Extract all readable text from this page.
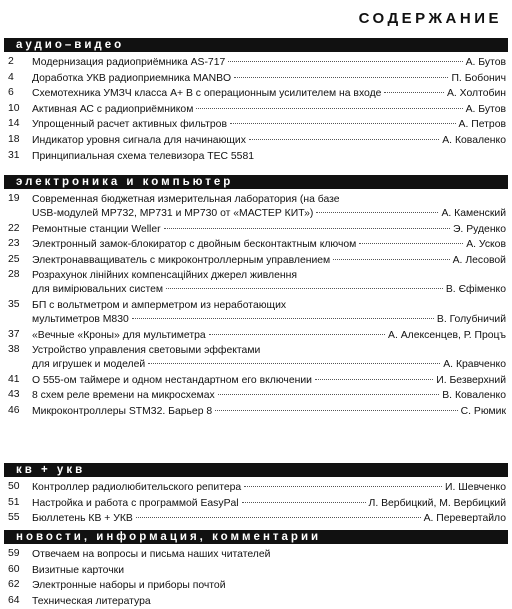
СОДЕРЖАНИЕ
аудио–видео
2 Модернизация радиоприёмника AS-717	А. Бутов
4 Доработка УКВ радиоприемника MANBO	П. Бобонич
6 Схемотехника УМЗЧ класса А+ В с операционным усилителем на входе	А. Холтобин
10 Активная АС с радиоприёмником	А. Бутов
14 Упрощенный расчет активных фильтров	А. Петров
18 Индикатор уровня сигнала для начинающих	А. Коваленко
31 Принципиальная схема телевизора TEC 5581
электроника и компьютер
19 Современная бюджетная измерительная лаборатория (на базе
USB-модулей MP732, MP731 и MP730 от «МАСТЕР КИТ»)	А. Каменский
22 Ремонтные станции Weller	Э. Руденко
23 Электронный замок-блокиратор с двойным бесконтактным ключом	А. Усков
25 Электронавващиватель с микроконтроллерным управлением	А. Лесовой
28 Розрахунок лінійних компенсаційних джерел живлення
для вимірювальних систем	В. Єфіменко
35 БП с вольтметром и амперметром из неработающих
мультиметров M830	В. Голубничий
37 «Вечные «Кроны» для мультиметра	А. Алексенцев, Р. Процъ
38 Устройство управления световыми эффектами
для игрушек и моделей	А. Кравченко
41 О 555-ом таймере и одном нестандартном его включении	И. Безверхний
43 8 схем реле времени на микросхемах	В. Коваленко
46 Микроконтроллеры STM32. Барьер 8	С. Рюмик
кв + укв
50 Контроллер радиолюбительского репитера	И. Шевченко
51 Настройка и работа с программой EasyPal	Л. Вербицкий, М. Вербицкий
55 Бюллетень КВ + УКВ	А. Перевертайло
новости, информация, комментарии
59 Отвечаем на вопросы и письма наших читателей
60 Визитные карточки
62 Электронные наборы и приборы почтой
64 Техническая литература
